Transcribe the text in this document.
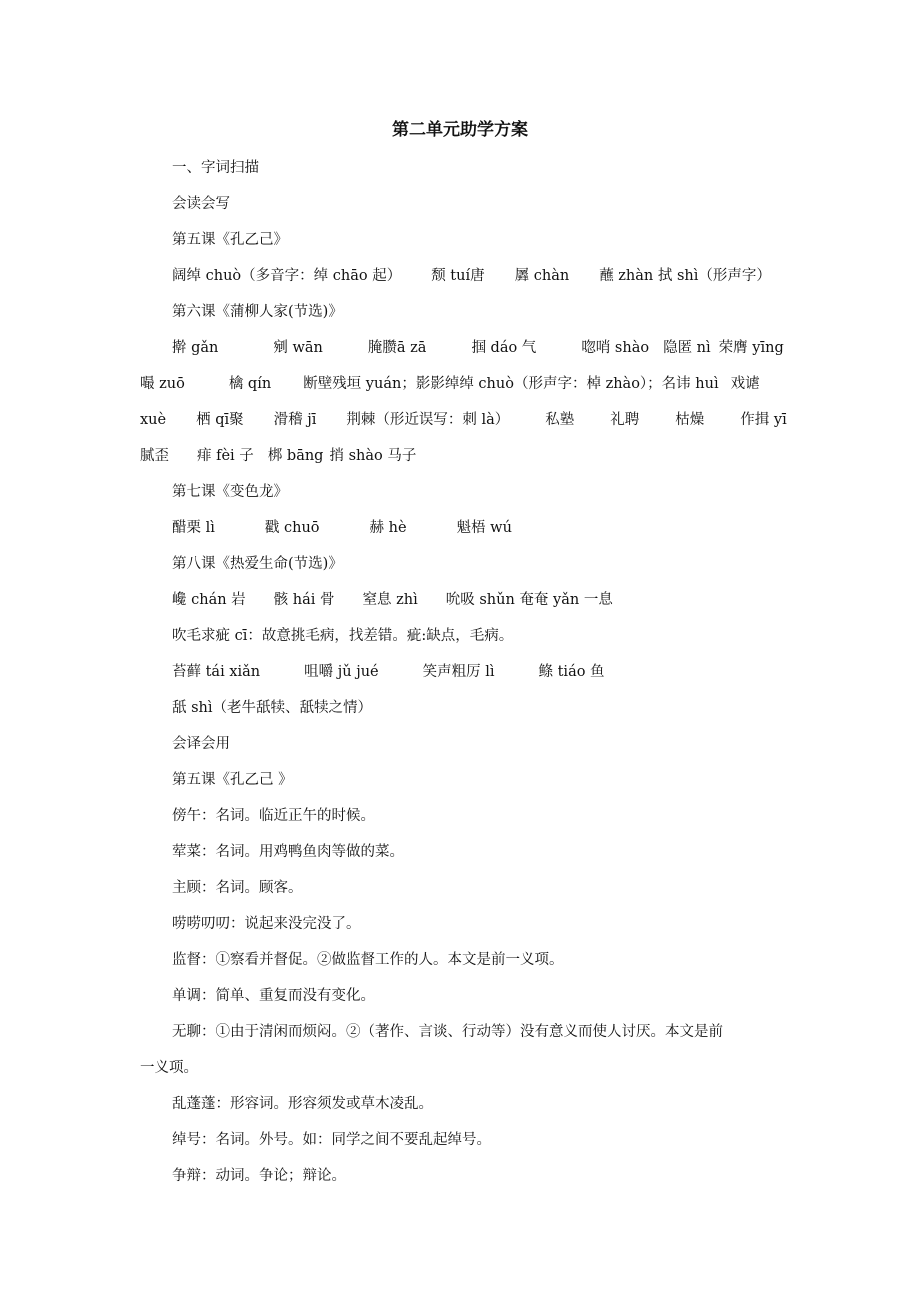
第二单元助学方案
一、字词扫描
会读会写
第五课《孔乙己》
阔绰 chuò（多音字：绰 chāo 起） 颓 tuí唐 羼 chàn 蘸 zhàn 拭 shì（形声字）
第六课《蒲柳人家(节选)》
擀 gǎn	剜 wān	腌臜ā zā	掴 dáo 气	唿哨 shào 隐匿 nì 荣膺 yīng
嘬 zuō	檎 qín 断壁残垣 yuán；影影绰绰 chuò（形声字：棹 zhào）；名讳 huì 戏谑
xuè 栖 qī聚 滑稽 jī 荆棘（形近误写：刺 là） 私塾 礼聘 枯燥 作揖 yī
腻歪 痱 fèi 子 梆 bāng 捎 shào 马子
第七课《变色龙》
醋栗 lì	戳 chuō	赫 hè	魁梧 wú
第八课《热爱生命(节选)》
巉 chán 岩 骸 hái 骨 窒息 zhì 吮吸 shǔn 奄奄 yǎn 一息
吹毛求疵 cī：故意挑毛病，找差错。疵:缺点，毛病。
苔藓 tái xiǎn	咀嚼 jǔ jué	笑声粗厉 lì	鲦 tiáo 鱼
舐 shì（老牛舐犊、舐犊之情）
会译会用
第五课《孔乙己 》
傍午：名词。临近正午的时候。
荤菜：名词。用鸡鸭鱼肉等做的菜。
主顾：名词。顾客。
唠唠叨叨：说起来没完没了。
监督：①察看并督促。②做监督工作的人。本文是前一义项。
单调：简单、重复而没有变化。
无聊：①由于清闲而烦闷。②（著作、言谈、行动等）没有意义而使人讨厌。本文是前
一义项。
乱蓬蓬：形容词。形容须发或草木凌乱。
绰号：名词。外号。如：同学之间不要乱起绰号。
争辩：动词。争论；辩论。
